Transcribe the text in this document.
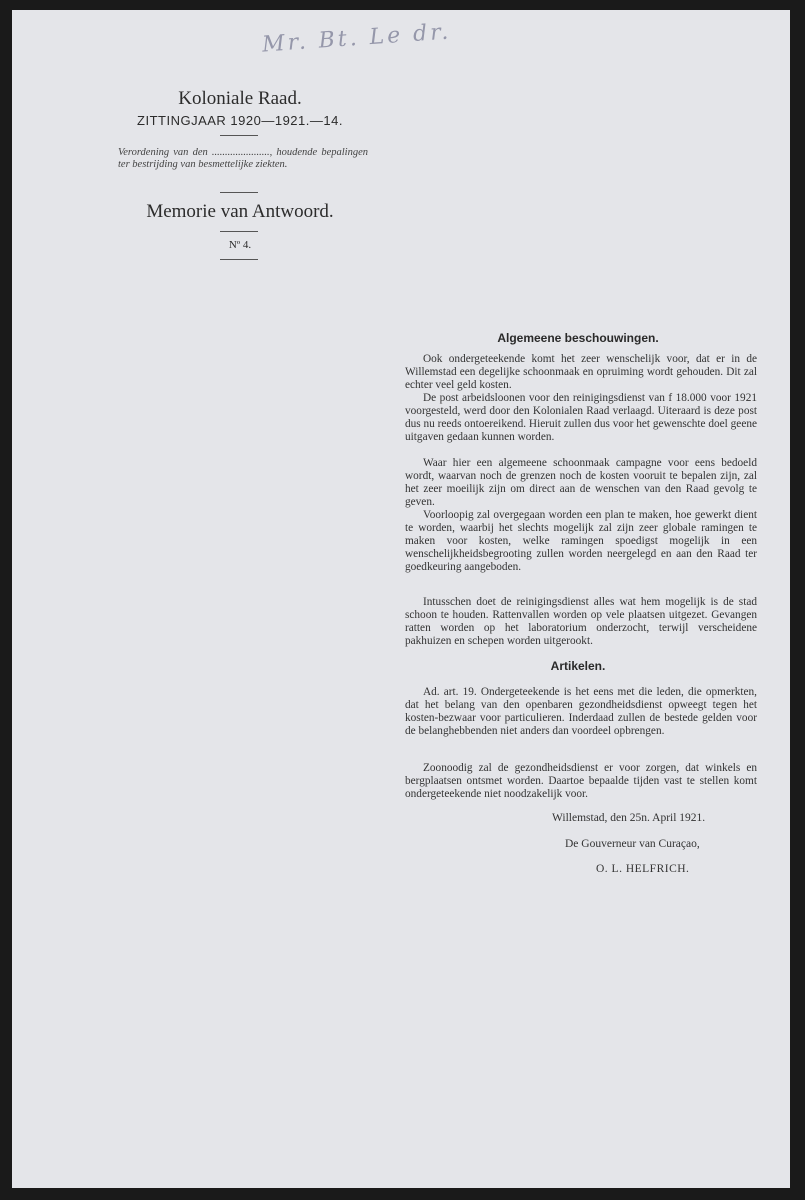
Mr. Bt. Le dr.
Koloniale Raad.
ZITTINGJAAR 1920—1921.—14.
Verordening van den ......................, houdende bepalingen ter bestrijding van besmettelijke ziekten.
Memorie van Antwoord.
Nº 4.
Algemeene beschouwingen.
Ook ondergeteekende komt het zeer wenschelijk voor, dat er in de Willemstad een degelijke schoonmaak en opruiming wordt gehouden. Dit zal echter veel geld kosten.
De post arbeidsloonen voor den reinigingsdienst van f 18.000 voor 1921 voorgesteld, werd door den Kolonialen Raad verlaagd. Uiteraard is deze post dus nu reeds ontoereikend. Hieruit zullen dus voor het gewenschte doel geene uitgaven gedaan kunnen worden.
Waar hier een algemeene schoonmaak campagne voor eens bedoeld wordt, waarvan noch de grenzen noch de kosten vooruit te bepalen zijn, zal het zeer moeilijk zijn om direct aan de wenschen van den Raad gevolg te geven.
Voorloopig zal overgegaan worden een plan te maken, hoe gewerkt dient te worden, waarbij het slechts mogelijk zal zijn zeer globale ramingen te maken voor kosten, welke ramingen spoedigst mogelijk in een wenschelijkheidsbegrooting zullen worden neergelegd en aan den Raad ter goedkeuring aangeboden.
Intusschen doet de reinigingsdienst alles wat hem mogelijk is de stad schoon te houden. Rattenvallen worden op vele plaatsen uitgezet. Gevangen ratten worden op het laboratorium onderzocht, terwijl verscheidene pakhuizen en schepen worden uitgerookt.
Artikelen.
Ad. art. 19. Ondergeteekende is het eens met die leden, die opmerkten, dat het belang van den openbaren gezondheidsdienst opweegt tegen het kosten-bezwaar voor particulieren. Inderdaad zullen de bestede gelden voor de belanghebbenden niet anders dan voordeel opbrengen.
Zoonoodig zal de gezondheidsdienst er voor zorgen, dat winkels en bergplaatsen ontsmet worden. Daartoe bepaalde tijden vast te stellen komt ondergeteekende niet noodzakelijk voor.
Willemstad, den 25n. April 1921.
De Gouverneur van Curaçao,
O. L. HELFRICH.
